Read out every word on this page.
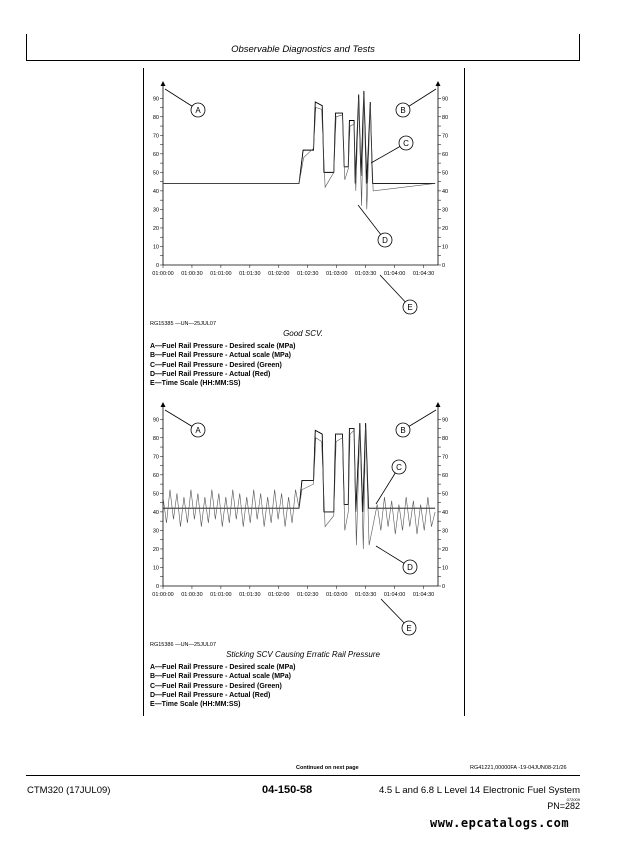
Observable Diagnostics and Tests
0	0
10	10
20	20
30	30
40	40
50	50
60	60
70	70
80	80
90	90
01:00:00 01:00:30 01:01:00 01:01:30 01:02:00 01:02:30 01:03:00 01:03:30 01:04:00 01:04:30
A	B
C
D
E
RG15385 —UN—25JUL07
Good SCV.
A—Fuel Rail Pressure - Desired scale (MPa)
B—Fuel Rail Pressure - Actual scale (MPa)
C—Fuel Rail Pressure - Desired (Green)
D—Fuel Rail Pressure - Actual (Red)
E—Time Scale (HH:MM:SS)
0	0
10	10
20	20
30	30
40	40
50	50
60	60
70	70
80	80
90	90
01:00:00 01:00:30 01:01:00 01:01:30 01:02:00 01:02:30 01:03:00 01:03:30 01:04:00 01:04:30
A	B
C
D
E
RG15386 —UN—25JUL07
Sticking SCV Causing Erratic Rail Pressure
A—Fuel Rail Pressure - Desired scale (MPa)
B—Fuel Rail Pressure - Actual scale (MPa)
C—Fuel Rail Pressure - Desired (Green)
D—Fuel Rail Pressure - Actual (Red)
E—Time Scale (HH:MM:SS)
Continued on next page	RG41221,00000FA -19-04JUN08-21/26
CTM320 (17JUL09)	04-150-58	4.5 L and 6.8 L Level 14 Electronic Fuel System
072009
PN=282
www.epcatalogs.com
